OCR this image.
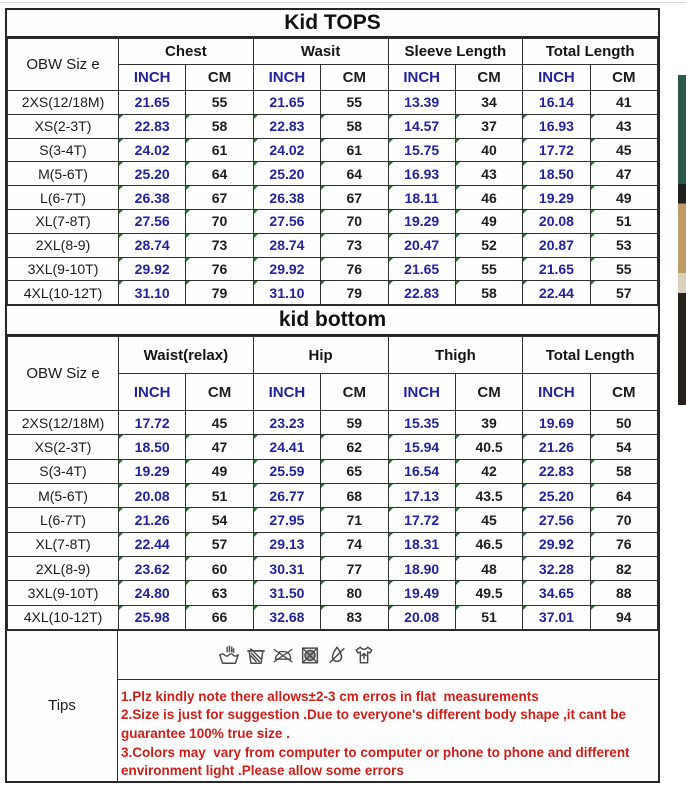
Kid TOPS
OBW Siz e	Chest		Wasit		Sleeve Length		Total Length	
	INCH	CM	INCH	CM	INCH	CM	INCH	CM
2XS(12/18M)	21.65	55	21.65	55	13.39	34	16.14	41
XS(2-3T)	22.83	58	22.83	58	14.57	37	16.93	43
S(3-4T)	24.02	61	24.02	61	15.75	40	17.72	45
M(5-6T)	25.20	64	25.20	64	16.93	43	18.50	47
L(6-7T)	26.38	67	26.38	67	18.11	46	19.29	49
XL(7-8T)	27.56	70	27.56	70	19.29	49	20.08	51
2XL(8-9)	28.74	73	28.74	73	20.47	52	20.87	53
3XL(9-10T)	29.92	76	29.92	76	21.65	55	21.65	55
4XL(10-12T)	31.10	79	31.10	79	22.83	58	22.44	57
kid bottom
OBW Siz e	Waist(relax)		Hip		Thigh		Total Length	
	INCH	CM	INCH	CM	INCH	CM	INCH	CM
2XS(12/18M)	17.72	45	23.23	59	15.35	39	19.69	50
XS(2-3T)	18.50	47	24.41	62	15.94	40.5	21.26	54
S(3-4T)	19.29	49	25.59	65	16.54	42	22.83	58
M(5-6T)	20.08	51	26.77	68	17.13	43.5	25.20	64
L(6-7T)	21.26	54	27.95	71	17.72	45	27.56	70
XL(7-8T)	22.44	57	29.13	74	18.31	46.5	29.92	76
2XL(8-9)	23.62	60	30.31	77	18.90	48	32.28	82
3XL(9-10T)	24.80	63	31.50	80	19.49	49.5	34.65	88
4XL(10-12T)	25.98	66	32.68	83	20.08	51	37.01	94
Tips

1.Plz kindly note there allows±2-3 cm erros in flat  measurements

2.Size is just for suggestion .Due to everyone's different body shape ,it cant be guarantee 100% true size .

3.Colors may  vary from computer to computer or phone to phone and different environment light .Please allow some errors
